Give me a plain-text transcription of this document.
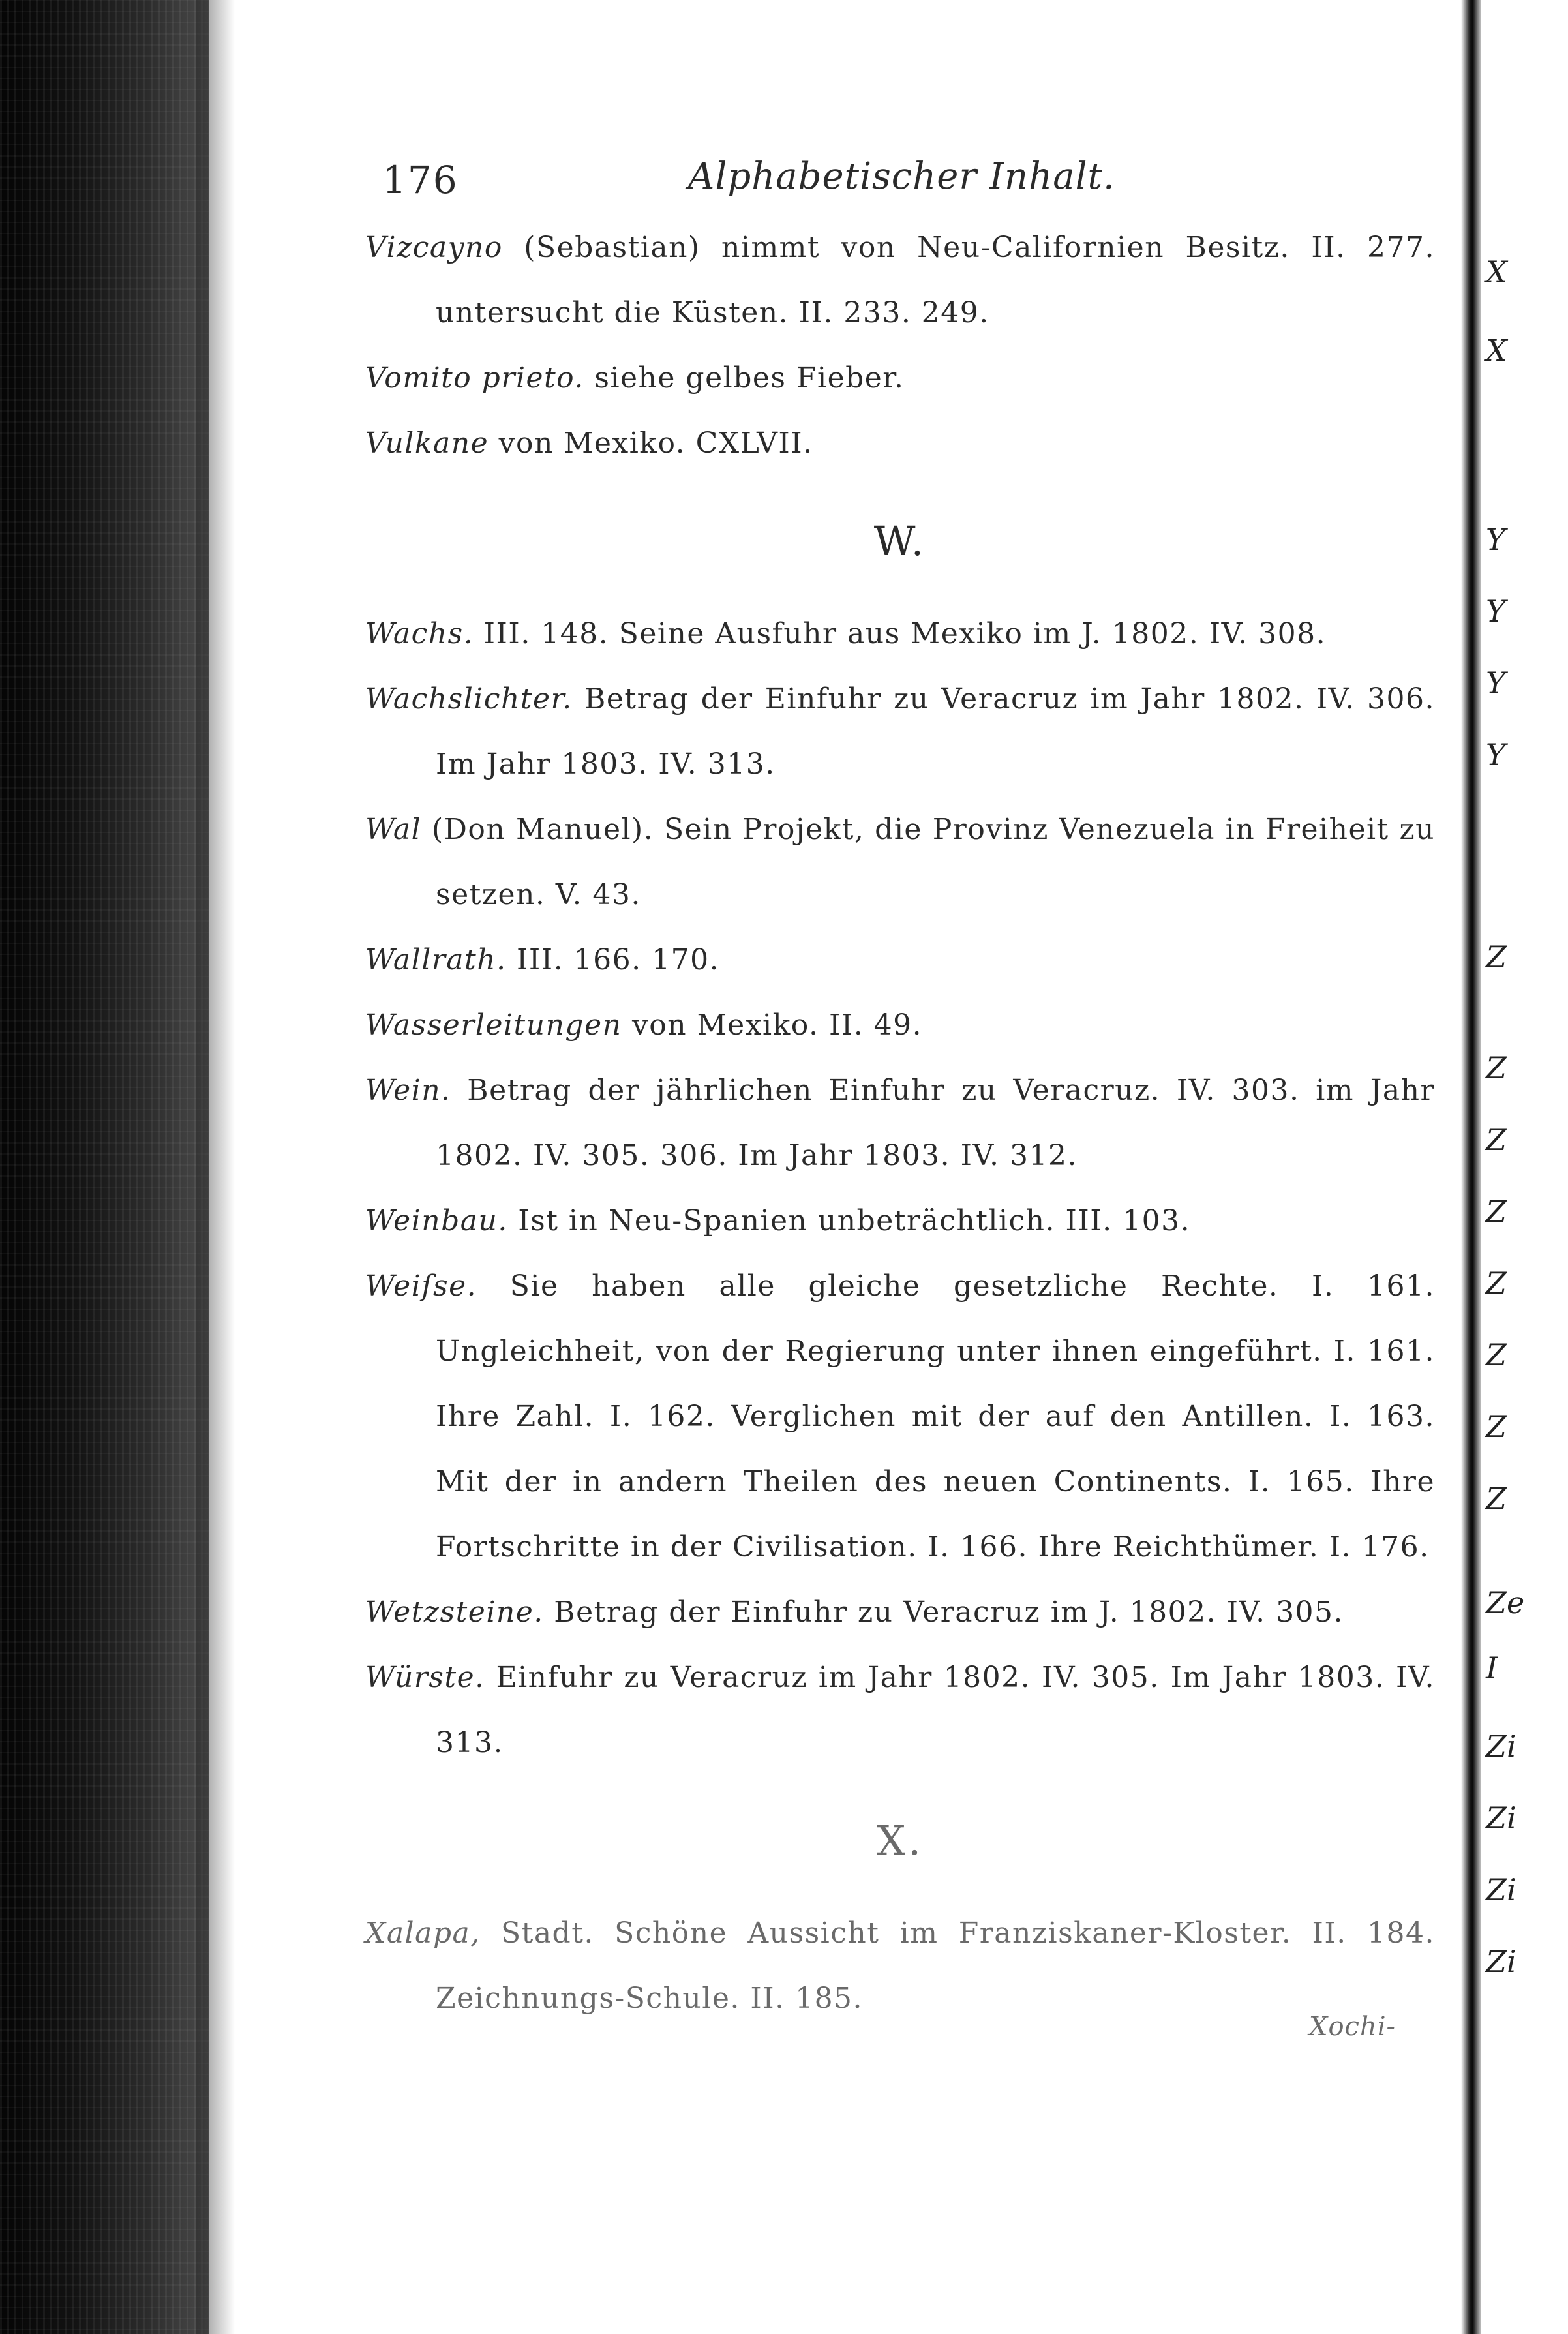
X
X
Y
Y
Y
Y
Z
Z
Z
Z
Z
Z
Z
Z
Ze
I
Zi
Zi
Zi
Zi
176	Alphabetischer Inhalt.

Vizcayno (Sebastian) nimmt von Neu-Californien Besitz. II. 277. untersucht die Küsten. II. 233. 249.

Vomito prieto. siehe gelbes Fieber.

Vulkane von Mexiko. CXLVII.

W.

Wachs. III. 148. Seine Ausfuhr aus Mexiko im J. 1802. IV. 308.

Wachslichter. Betrag der Einfuhr zu Veracruz im Jahr 1802. IV. 306. Im Jahr 1803. IV. 313.

Wal (Don Manuel). Sein Projekt, die Provinz Venezuela in Freiheit zu setzen. V. 43.

Wallrath. III. 166. 170.

Wasserleitungen von Mexiko. II. 49.

Wein. Betrag der jährlichen Einfuhr zu Veracruz. IV. 303. im Jahr 1802. IV. 305. 306. Im Jahr 1803. IV. 312.

Weinbau. Ist in Neu-Spanien unbeträchtlich. III. 103.

Weiſse. Sie haben alle gleiche gesetzliche Rechte. I. 161. Ungleichheit, von der Regierung unter ihnen eingeführt. I. 161. Ihre Zahl. I. 162. Verglichen mit der auf den Antillen. I. 163. Mit der in andern Theilen des neuen Continents. I. 165. Ihre Fortschritte in der Civilisation. I. 166. Ihre Reichthümer. I. 176.

Wetzsteine. Betrag der Einfuhr zu Veracruz im J. 1802. IV. 305.

Würste. Einfuhr zu Veracruz im Jahr 1802. IV. 305. Im Jahr 1803. IV. 313.

X.

Xalapa, Stadt. Schöne Aussicht im Franziskaner-Kloster. II. 184. Zeichnungs-Schule. II. 185.

Xochi-
